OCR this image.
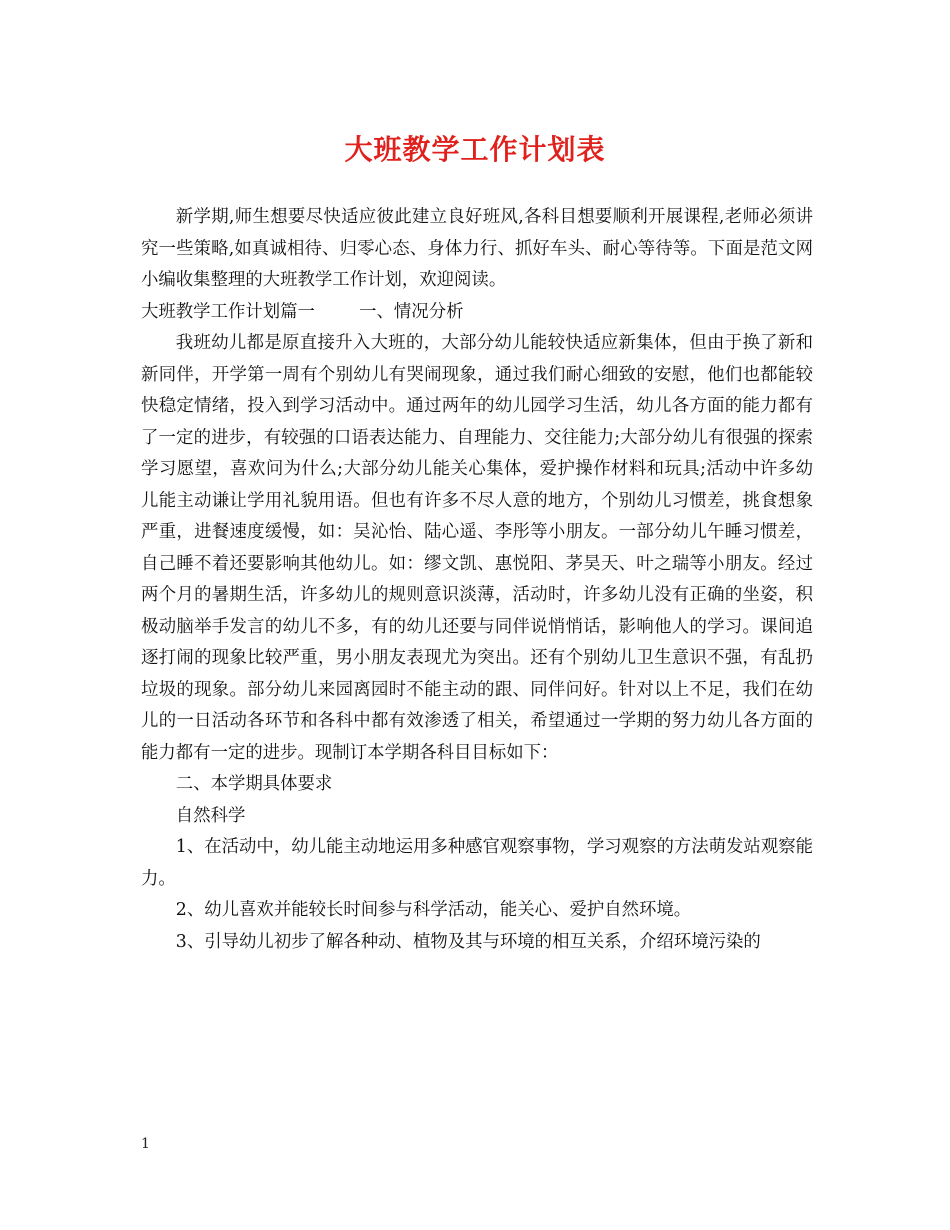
大班教学工作计划表

新学期,师生想要尽快适应彼此建立良好班风,各科目想要顺利开展课程,老师必须讲究一些策略,如真诚相待、归零心态、身体力行、抓好车头、耐心等待等。下面是范文网小编收集整理的大班教学工作计划，欢迎阅读。

大班教学工作计划篇一        一、情况分析

我班幼儿都是原直接升入大班的，大部分幼儿能较快适应新集体，但由于换了新和新同伴，开学第一周有个别幼儿有哭闹现象，通过我们耐心细致的安慰，他们也都能较快稳定情绪，投入到学习活动中。通过两年的幼儿园学习生活，幼儿各方面的能力都有了一定的进步，有较强的口语表达能力、自理能力、交往能力;大部分幼儿有很强的探索学习愿望，喜欢问为什么;大部分幼儿能关心集体，爱护操作材料和玩具;活动中许多幼儿能主动谦让学用礼貌用语。但也有许多不尽人意的地方，个别幼儿习惯差，挑食想象严重，进餐速度缓慢，如：吴沁怡、陆心遥、李彤等小朋友。一部分幼儿午睡习惯差，自己睡不着还要影响其他幼儿。如：缪文凯、惠悦阳、茅昊天、叶之瑞等小朋友。经过两个月的暑期生活，许多幼儿的规则意识淡薄，活动时，许多幼儿没有正确的坐姿，积极动脑举手发言的幼儿不多，有的幼儿还要与同伴说悄悄话，影响他人的学习。课间追逐打闹的现象比较严重，男小朋友表现尤为突出。还有个别幼儿卫生意识不强，有乱扔垃圾的现象。部分幼儿来园离园时不能主动的跟、同伴问好。针对以上不足，我们在幼儿的一日活动各环节和各科中都有效渗透了相关，希望通过一学期的努力幼儿各方面的能力都有一定的进步。现制订本学期各科目目标如下：

二、本学期具体要求

自然科学

1、在活动中，幼儿能主动地运用多种感官观察事物，学习观察的方法萌发站观察能力。

2、幼儿喜欢并能较长时间参与科学活动，能关心、爱护自然环境。

3、引导幼儿初步了解各种动、植物及其与环境的相互关系，介绍环境污染的

1
